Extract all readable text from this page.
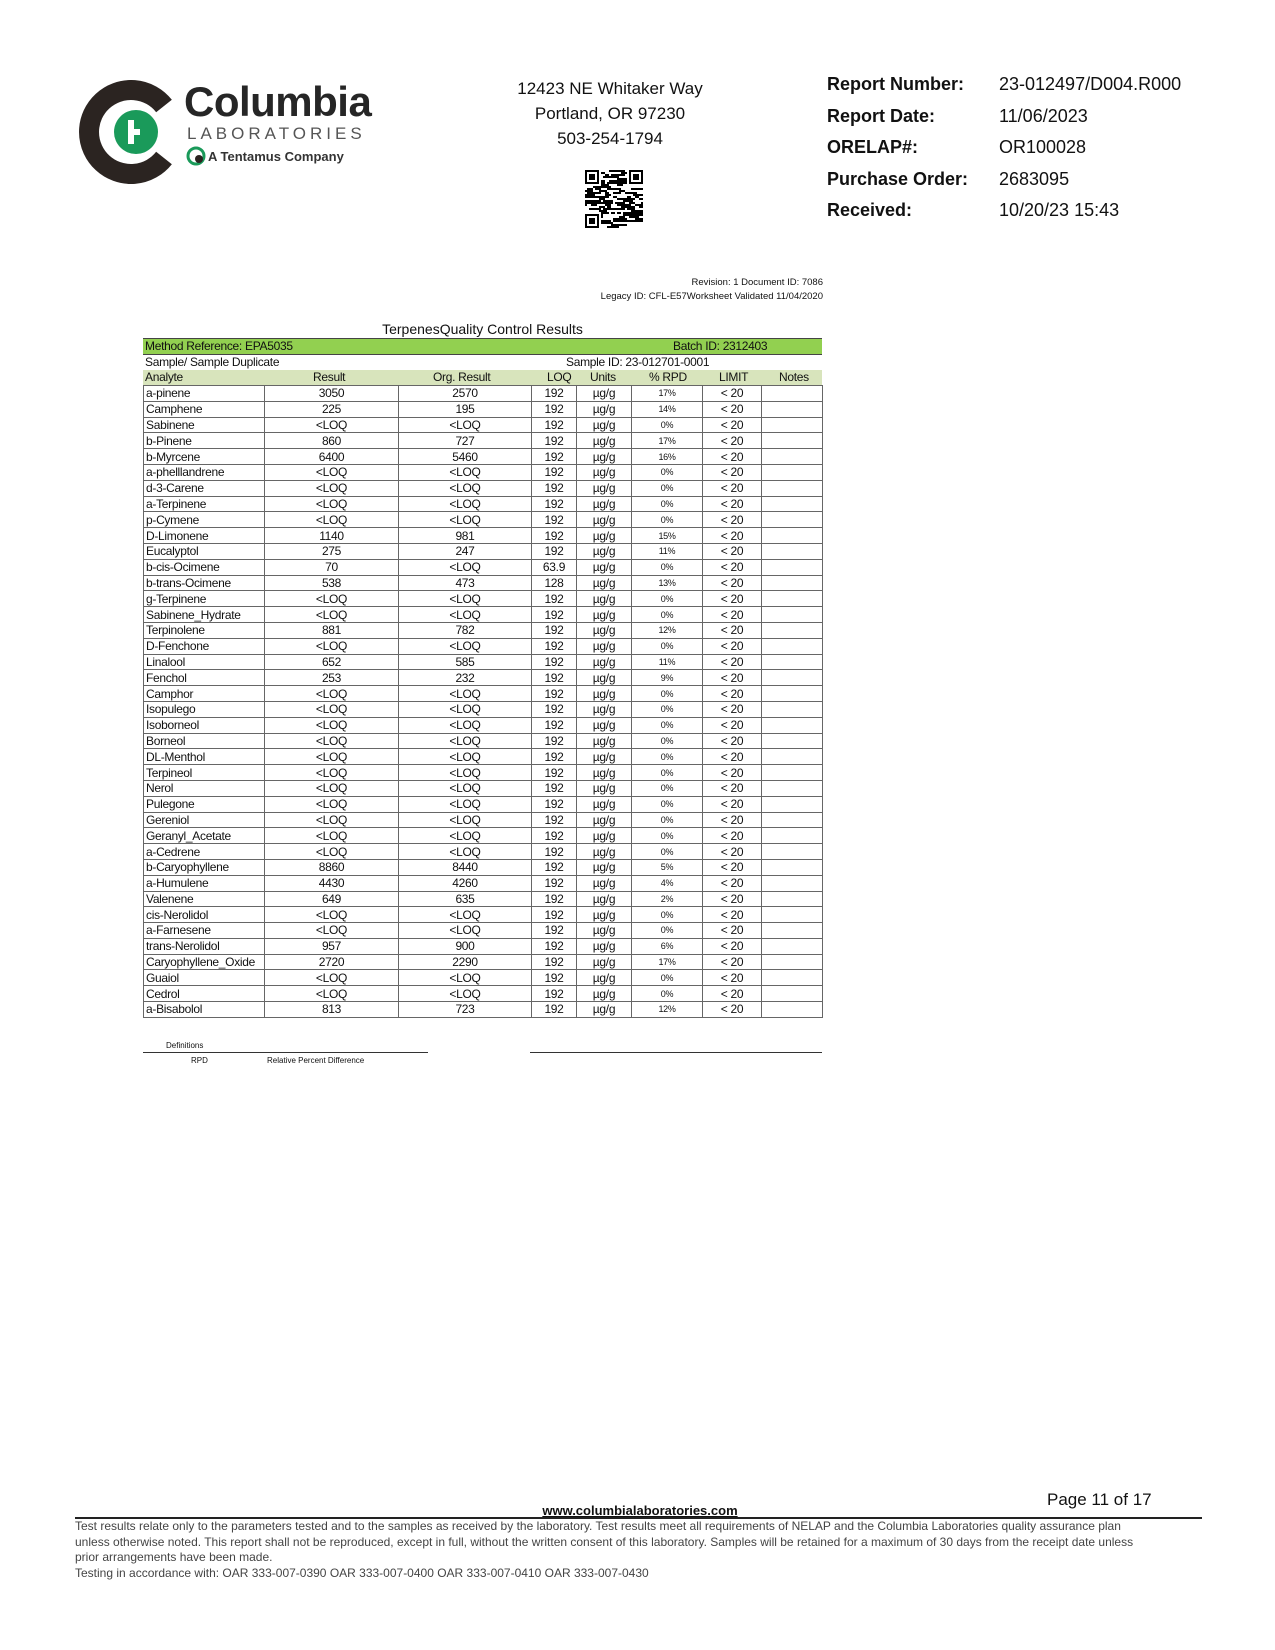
Columbia
LABORATORIES
A Tentamus Company
12423 NE Whitaker Way
Portland, OR 97230
503-254-1794
Report Number: 23-012497/D004.R000
Report Date:	11/06/2023
ORELAP#:	OR100028
Purchase Order: 2683095
Received:	10/20/23 15:43
Revision: 1 Document ID: 7086
Legacy ID: CFL-E57Worksheet Validated 11/04/2020
TerpenesQuality Control Results
Method Reference: EPA5035	Batch ID: 2312403
Sample/ Sample Duplicate	Sample ID: 23-012701-0001
Analyte	Result	Org. Result	LOQ Units	% RPD	LIMIT	Notes
a-pinene	3050	2570	192	µg/g	17%	< 20	
Camphene	225	195	192	µg/g	14%	< 20	
Sabinene	<LOQ	<LOQ	192	µg/g	0%	< 20	
b-Pinene	860	727	192	µg/g	17%	< 20	
b-Myrcene	6400	5460	192	µg/g	16%	< 20	
a-phelllandrene	<LOQ	<LOQ	192	µg/g	0%	< 20	
d-3-Carene	<LOQ	<LOQ	192	µg/g	0%	< 20	
a-Terpinene	<LOQ	<LOQ	192	µg/g	0%	< 20	
p-Cymene	<LOQ	<LOQ	192	µg/g	0%	< 20	
D-Limonene	1140	981	192	µg/g	15%	< 20	
Eucalyptol	275	247	192	µg/g	11%	< 20	
b-cis-Ocimene	70	<LOQ	63.9	µg/g	0%	< 20	
b-trans-Ocimene	538	473	128	µg/g	13%	< 20	
g-Terpinene	<LOQ	<LOQ	192	µg/g	0%	< 20	
Sabinene_Hydrate	<LOQ	<LOQ	192	µg/g	0%	< 20	
Terpinolene	881	782	192	µg/g	12%	< 20	
D-Fenchone	<LOQ	<LOQ	192	µg/g	0%	< 20	
Linalool	652	585	192	µg/g	11%	< 20	
Fenchol	253	232	192	µg/g	9%	< 20	
Camphor	<LOQ	<LOQ	192	µg/g	0%	< 20	
Isopulego	<LOQ	<LOQ	192	µg/g	0%	< 20	
Isoborneol	<LOQ	<LOQ	192	µg/g	0%	< 20	
Borneol	<LOQ	<LOQ	192	µg/g	0%	< 20	
DL-Menthol	<LOQ	<LOQ	192	µg/g	0%	< 20	
Terpineol	<LOQ	<LOQ	192	µg/g	0%	< 20	
Nerol	<LOQ	<LOQ	192	µg/g	0%	< 20	
Pulegone	<LOQ	<LOQ	192	µg/g	0%	< 20	
Gereniol	<LOQ	<LOQ	192	µg/g	0%	< 20	
Geranyl_Acetate	<LOQ	<LOQ	192	µg/g	0%	< 20	
a-Cedrene	<LOQ	<LOQ	192	µg/g	0%	< 20	
b-Caryophyllene	8860	8440	192	µg/g	5%	< 20	
a-Humulene	4430	4260	192	µg/g	4%	< 20	
Valenene	649	635	192	µg/g	2%	< 20	
cis-Nerolidol	<LOQ	<LOQ	192	µg/g	0%	< 20	
a-Farnesene	<LOQ	<LOQ	192	µg/g	0%	< 20	
trans-Nerolidol	957	900	192	µg/g	6%	< 20	
Caryophyllene_Oxide	2720	2290	192	µg/g	17%	< 20	
Guaiol	<LOQ	<LOQ	192	µg/g	0%	< 20	
Cedrol	<LOQ	<LOQ	192	µg/g	0%	< 20	
a-Bisabolol	813	723	192	µg/g	12%	< 20	
Definitions
RPD	Relative Percent Difference
Page 11 of 17
www.columbialaboratories.com
Test results relate only to the parameters tested and to the samples as received by the laboratory. Test results meet all requirements of NELAP and the Columbia Laboratories quality assurance plan
unless otherwise noted. This report shall not be reproduced, except in full, without the written consent of this laboratory. Samples will be retained for a maximum of 30 days from the receipt date unless
prior arrangements have been made.
Testing in accordance with: OAR 333-007-0390 OAR 333-007-0400 OAR 333-007-0410 OAR 333-007-0430
